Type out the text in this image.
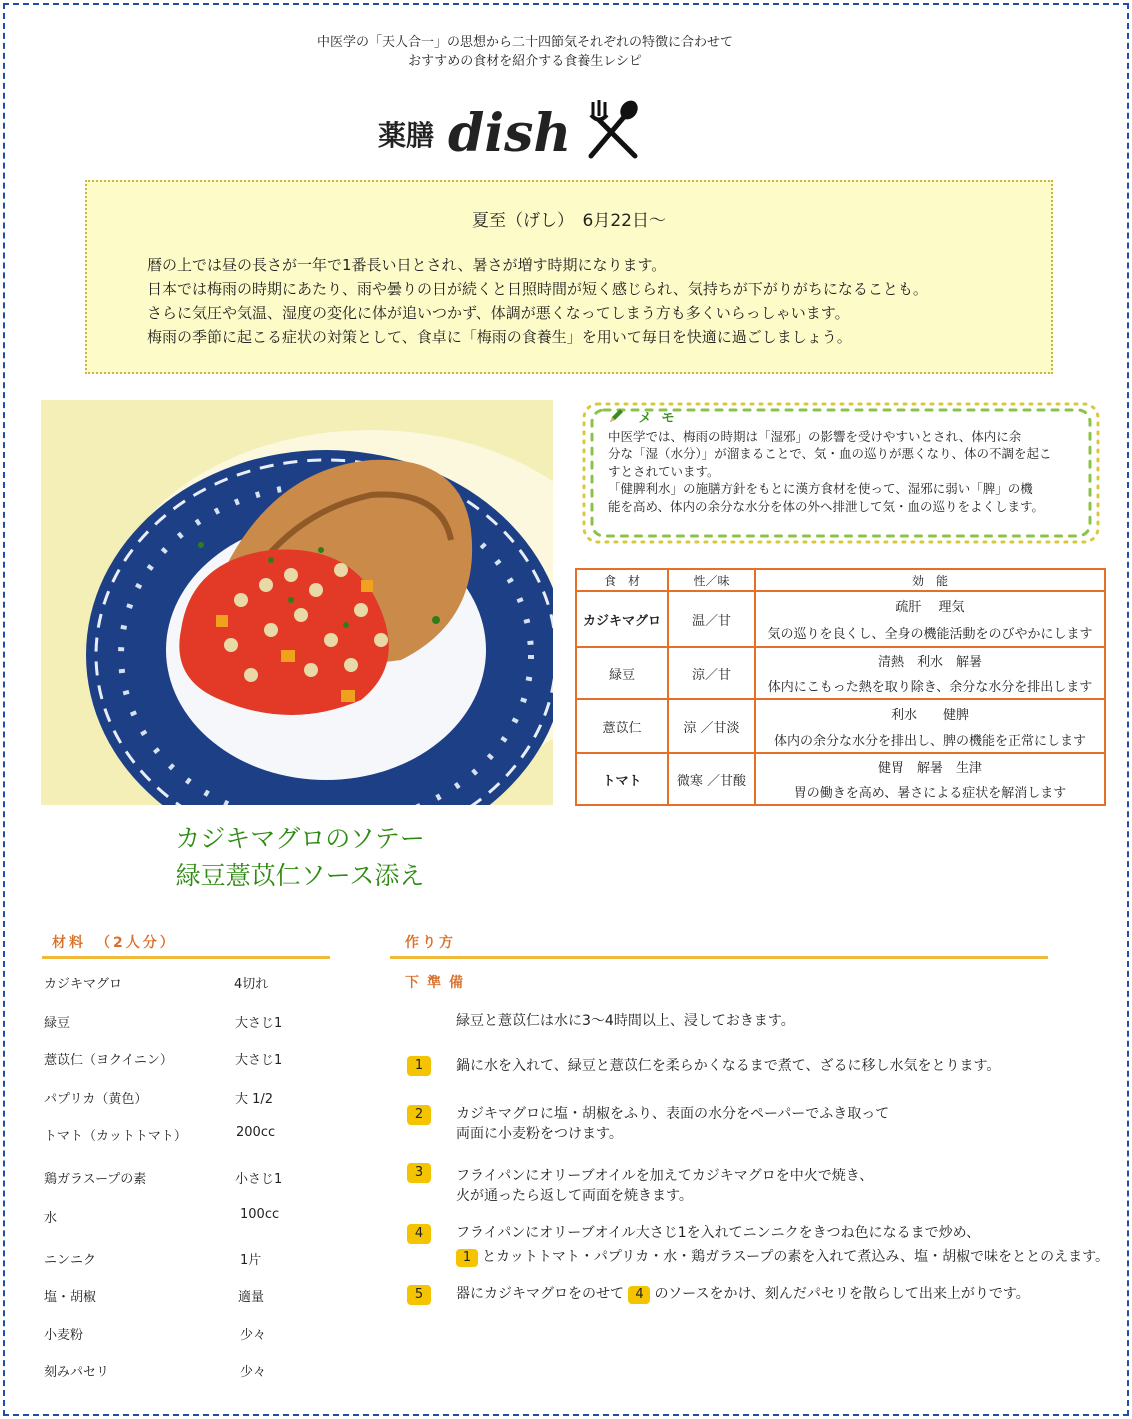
中医学の「天人合一」の思想から二十四節気それぞれの特徴に合わせて
おすすめの食材を紹介する食養生レシピ
薬膳 dish
夏至（げし）　6月22日～
暦の上では昼の長さが一年で1番長い日とされ、暑さが増す時期になります。
日本では梅雨の時期にあたり、雨や曇りの日が続くと日照時間が短く感じられ、気持ちが下がりがちになることも。
さらに気圧や気温、湿度の変化に体が追いつかず、体調が悪くなってしまう方も多くいらっしゃいます。
梅雨の季節に起こる症状の対策として、食卓に「梅雨の食養生」を用いて毎日を快適に過ごしましょう。
メモ
中医学では、梅雨の時期は「湿邪」の影響を受けやすいとされ、体内に余
分な「湿（水分）」が溜まることで、気・血の巡りが悪くなり、体の不調を起こ
すとされています。
「健脾利水」の施膳方針をもとに漢方食材を使って、湿邪に弱い「脾」の機
能を高め、体内の余分な水分を体の外へ排泄して気・血の巡りをよくします。
食　材	性／味	効　能
カジキマグロ	温／甘	疏肝　 理気
		気の巡りを良くし、全身の機能活動をのびやかにします
緑豆	涼／甘	清熱　利水　解暑
		体内にこもった熱を取り除き、余分な水分を排出します
薏苡仁	涼 ／甘淡	利水　　健脾
		体内の余分な水分を排出し、脾の機能を正常にします
トマト	微寒 ／甘酸	健胃　解暑　生津
		胃の働きを高め、暑さによる症状を解消します
カジキマグロのソテー
緑豆薏苡仁ソース添え
材料　（2人分）
カジキマグロ	4切れ
緑豆	大さじ1
薏苡仁（ヨクイニン）	大さじ1
パプリカ（黄色）	大 1/2
トマト（カットトマト）	200cc
鶏ガラスープの素	小さじ1
水	100cc
ニンニク	1片
塩・胡椒	適量
小麦粉	少々
刻みパセリ	少々
作り方
下準備
緑豆と薏苡仁は水に3～4時間以上、浸しておきます。
1	鍋に水を入れて、緑豆と薏苡仁を柔らかくなるまで煮て、ざるに移し水気をとります。
2	カジキマグロに塩・胡椒をふり、表面の水分をペーパーでふき取って
両面に小麦粉をつけます。
3	フライパンにオリーブオイルを加えてカジキマグロを中火で焼き、
火が通ったら返して両面を焼きます。
4	フライパンにオリーブオイル大さじ1を入れてニンニクをきつね色になるまで炒め、
1 とカットトマト・パプリカ・水・鶏ガラスープの素を入れて煮込み、塩・胡椒で味をととのえます。
5	器にカジキマグロをのせて 4 のソースをかけ、刻んだパセリを散らして出来上がりです。
